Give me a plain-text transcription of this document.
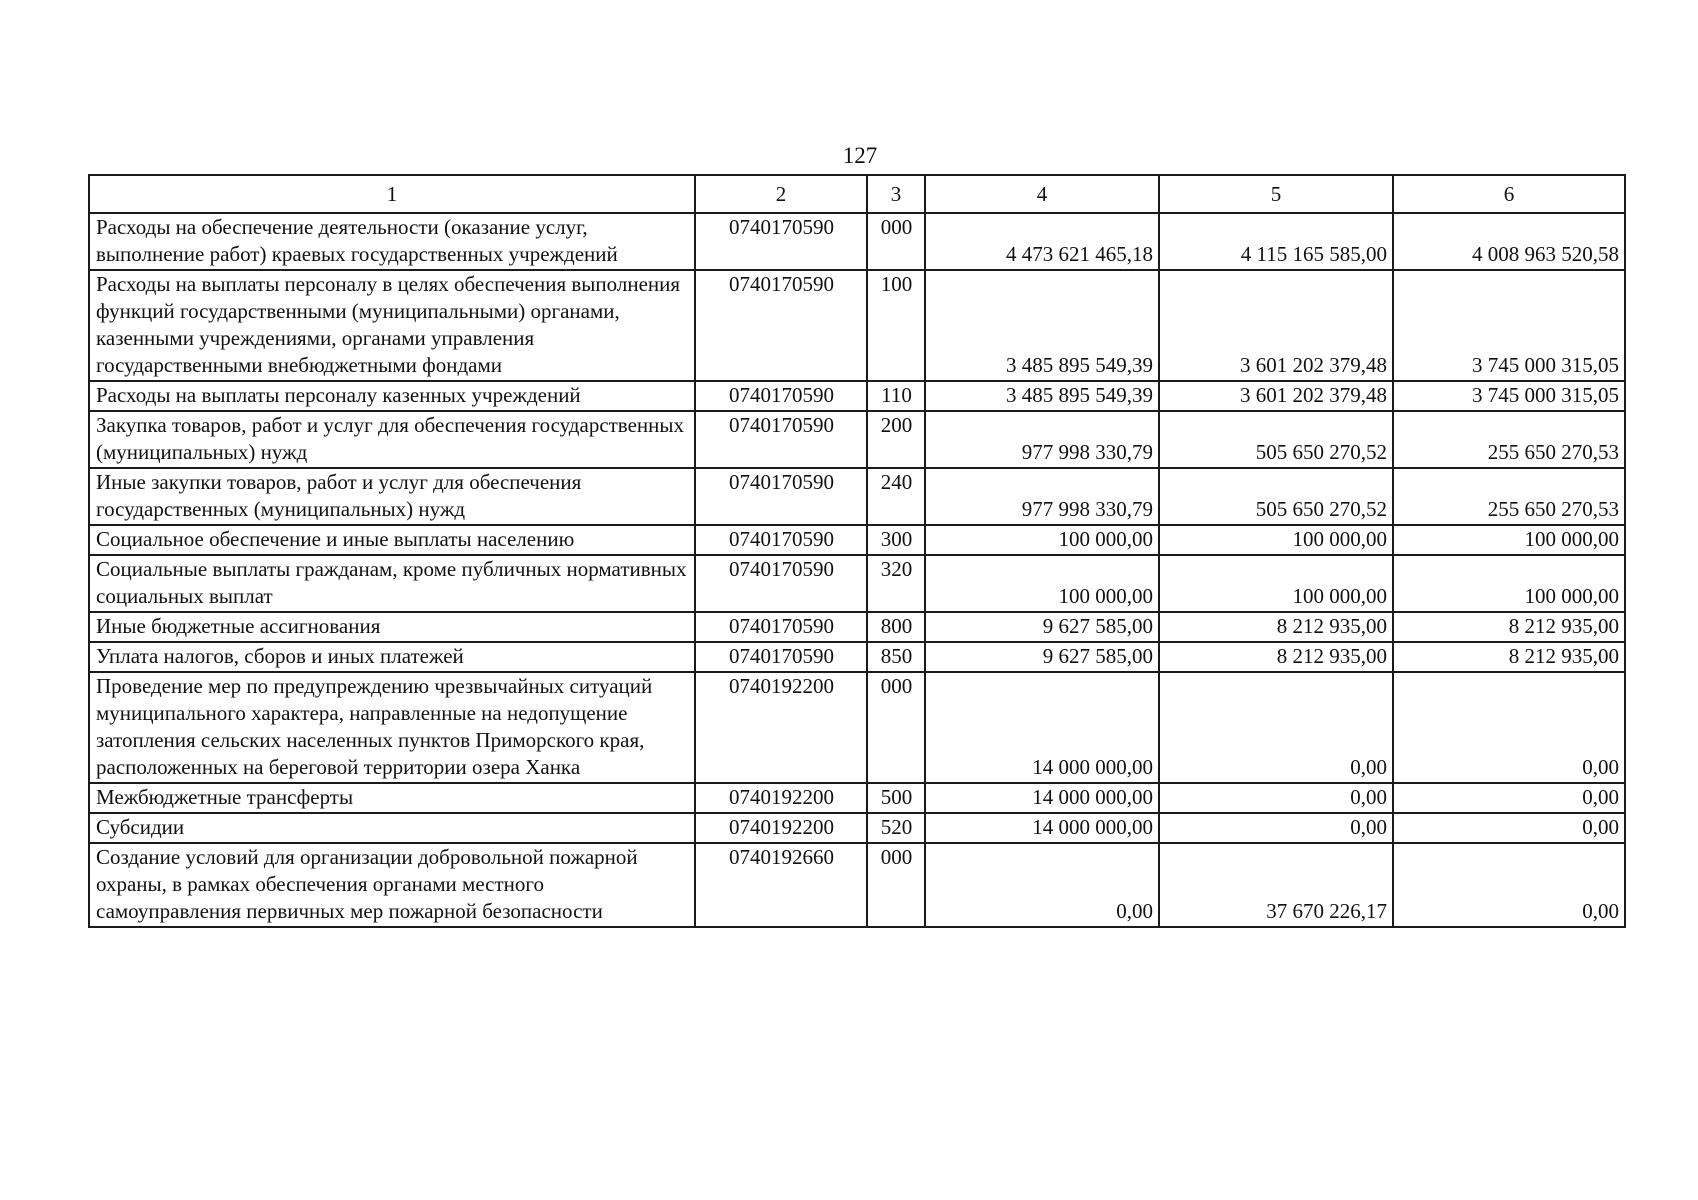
127
1	2	3	4	5	6
Расходы на обеспечение деятельности (оказание услуг, выполнение работ) краевых государственных учреждений	0740170590	000	4 473 621 465,18	4 115 165 585,00	4 008 963 520,58
Расходы на выплаты персоналу в целях обеспечения выполнения функций государственными (муниципальными) органами, казенными учреждениями, органами управления государственными внебюджетными фондами	0740170590	100	3 485 895 549,39	3 601 202 379,48	3 745 000 315,05
Расходы на выплаты персоналу казенных учреждений	0740170590	110	3 485 895 549,39	3 601 202 379,48	3 745 000 315,05
Закупка товаров, работ и услуг для обеспечения государственных (муниципальных) нужд	0740170590	200	977 998 330,79	505 650 270,52	255 650 270,53
Иные закупки товаров, работ и услуг для обеспечения государственных (муниципальных) нужд	0740170590	240	977 998 330,79	505 650 270,52	255 650 270,53
Социальное обеспечение и иные выплаты населению	0740170590	300	100 000,00	100 000,00	100 000,00
Социальные выплаты гражданам, кроме публичных нормативных социальных выплат	0740170590	320	100 000,00	100 000,00	100 000,00
Иные бюджетные ассигнования	0740170590	800	9 627 585,00	8 212 935,00	8 212 935,00
Уплата налогов, сборов и иных платежей	0740170590	850	9 627 585,00	8 212 935,00	8 212 935,00
Проведение мер по предупреждению чрезвычайных ситуаций муниципального характера, направленные на недопущение затопления сельских населенных пунктов Приморского края, расположенных на береговой территории озера Ханка	0740192200	000	14 000 000,00	0,00	0,00
Межбюджетные трансферты	0740192200	500	14 000 000,00	0,00	0,00
Субсидии	0740192200	520	14 000 000,00	0,00	0,00
Создание условий для организации добровольной пожарной охраны, в рамках обеспечения органами местного самоуправления первичных мер пожарной безопасности	0740192660	000	0,00	37 670 226,17	0,00
